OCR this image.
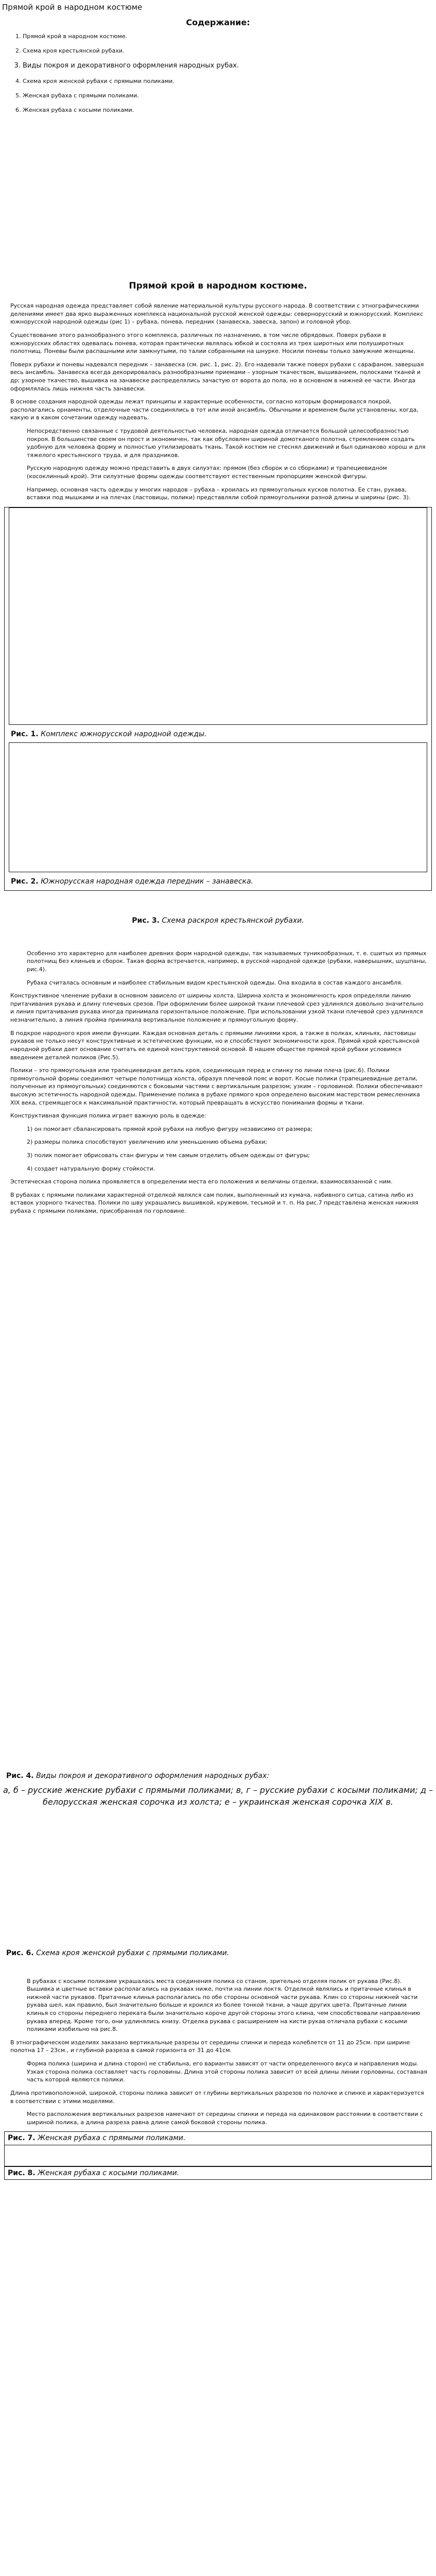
Прямой крой в народном костюме
Содержание:
1. Прямой крой в народном костюме.
2. Схема кроя крестьянской рубахи.
3. Виды покроя и декоративного оформления народных рубах.
4. Схема кроя женской рубахи с прямыми поликами.
5. Женская рубаха с прямыми поликами.
6. Женская рубаха с косыми поликами.
Прямой крой в народном костюме.
Русская народная одежда представляет собой явление материальной культуры русского народа. В соответствии с этнографическими делениями имеет два ярко выраженных комплекса национальной русской женской одежды: севернорусский и южнорусский. Комплекс южнорусской народной одежды (рис 1) – рубаха, понева, передник (занавеска, завеска, запон) и головной убор.
Существование этого разнообразного этого комплекса, различных по назначению, в том числе обрядовых. Поверх рубахи в южнорусских областях одевалась понева, которая практически являлась юбкой и состояла из трех широтных или полуширотных полотнищ. Поневы были распашными или замкнутыми, по талии собранными на шнурке. Носили поневы только замужние женщины.
Поверх рубахи и поневы надевался передник – занавеска (см. рис. 1, рис. 2). Его надевали также поверх рубахи с сарафаном, завершая весь ансамбль. Занавеска всегда декорировалась разнообразными приемами – узорным ткачеством, вышиванием, полосками тканей и др; узорное ткачество, вышивка на занавеске распределялись зачастую от ворота до пола, но в основном в нижней ее части. Иногда оформлялась лишь нижняя часть занавески.
В основе создания народной одежды лежат принципы и характерные особенности, согласно которым формировался покрой, располагались орнаменты, отделочные части соединялись в тот или иной ансамбль. Обычными и временем были установлены, когда, какую и в каком сочетании одежду надевать.
Непосредственно связанные с трудовой деятельностью человека, народная одежда отличается большой целесообразностью покроя. В большинстве своем он прост и экономичен, так как обусловлен шириной домотканого полотна, стремлением создать удобную для человека форму и полностью утилизировать ткань. Такой костюм не стеснял движений и был одинаково хорош и для тяжелого крестьянского труда, и для праздников.
Русскую народную одежду можно представить в двух силуэтах: прямом (без сборок и со сборками) и трапециевидном (косоклинный крой). Эти силуэтные формы одежды соответствуют естественным пропорциям женской фигуры.
Например, основная часть одежды у многих народов – рубаха – кроилась из прямоугольных кусков полотна. Ее стан, рукава, вставки под мышками и на плечах (ластовицы, полики) представляли собой прямоугольники разной длины и ширины (рис. 3).
Рис. 1. Комплекс южнорусской народной одежды.
Рис. 2. Южнорусская народная одежда передник – занавеска.
Рис. 3. Схема раскроя крестьянской рубахи.
Особенно это характерно для наиболее древних форм народной одежды, так называемых туникообразных, т. е. сшитых из прямых полотнищ без клиньев и сборок. Такая форма встречается, например, в русской народной одежде (рубахи, наверышник, шушпаны, рис.4).
Рубаха считалась основным и наиболее стабильным видом крестьянской одежды. Она входила в состав каждого ансамбля.
Конструктивное членение рубахи в основном зависело от ширины холста. Ширина холста и экономичность кроя определяли линию притачивания рукава и длину плечевых срезов. При оформлении более широкой ткани плечевой срез удлинялся довольно значительно и линия притачивания рукава иногда принимала горизонтальное положение. При использовании узкой ткани плечевой срез удлинялся незначительно, а линия пройма принимала вертикальное положение и прямоугольную форму.
В подкрое народного кроя имели функции. Каждая основная деталь с прямыми линиями кроя, а также в полках, клиньях, ластовицы рукавов не только несут конструктивные и эстетические функции, но и способствуют экономичности кроя. Прямой крой крестьянской народной рубахи дает основание считать ее единой конструктивной основой. В нашем обществе прямой крой рубахи условимся введением деталей поликов (Рис.5).
Полики – это прямоугольная или трапециевидная деталь кроя, соединяющая перед и спинку по линии плеча (рис.6). Полики прямоугольной формы соединяют четыре полотнища холста, образуя плечевой пояс и ворот. Косые полики (трапециевидные детали, полученные из прямоугольных) соединяются с боковыми частями с вертикальным разрезом; узким – горловиной. Полики обеспечивают высокую эстетичность народной одежды. Применение полика в рубахе прямого кроя определено высоким мастерством ремесленника XIX века, стремящегося к максимальной практичности, который превращать в искусство понимания формы и ткани.
Конструктивная функция полика играет важную роль в одежде:
1) он помогает сбалансировать прямой крой рубахи на любую фигуру независимо от размера;
2) размеры полика способствуют увеличению или уменьшению объема рубахи;
3) полик помогает обрисовать стан фигуры и тем самым отделить объем одежды от фигуры;
4) создает натуральную форму стойкости.
Эстетическая сторона полика проявляется в определении места его положения и величины отделки, взаимосвязанной с ним.
В рубахах с прямыми поликами характерной отделкой являлся сам полик, выполненный из кумача, набивного ситца, сатина либо из вставок узорного ткачества. Полики по шву украшались вышивкой, кружевом, тесьмой и т. п. На рис.7 представлена женская нижняя рубаха с прямыми поликами, присобранная по горловине.
Рис. 4. Виды покроя и декоративного оформления народных рубах:
а, б – русские женские рубахи с прямыми поликами; в, г – русские рубахи с косыми поликами; д – белорусская женская сорочка из холста; е – украинская женская сорочка XIX в.
Рис. 6. Схема кроя женской рубахи с прямыми поликами.
В рубахах с косыми поликами украшалась места соединения полика со станом, зрительно отделяя полик от рукава (Рис.8). Вышивка и цветные вставки располагались на рукавах ниже, почти на линии локтя. Отделкой являлись и притачные клинья в нижней части рукавов. Притачные клинья располагались по обе стороны основной части рукава. Клин со стороны нижней части рукава шел, как правило, был значительно больше и кроился из более тонкой ткани, а чаще других цвета. Притачные линии клинья со стороны переднего переката были значительно короче другой стороны этого клина, чем способствовали направлению рукава вперед. Кроме того, они удлинялись книзу. Отделка рукава с расширением на кисти рукав отличала рубахи с косыми поликами изобильно на рис.8.
В этнографическом изделиях заказано вертикальные разрезы от середины спинки и переда колеблется от 11 до 25см. при ширине полотна 17 – 23см., и глубиной разреза в самой горизонта от 31 до 41см.
Форма полика (ширина и длина сторон) не стабильна, его варианты зависят от части определенного вкуса и направления моды. Узкая сторона полика составляет часть горловины. Длина этой стороны полика зависит от всей длины линии горловины, составная часть которой являются полики.
Длина противоположной, широкой, стороны полика зависит от глубины вертикальных разрезов по полочке и спинке и характеризуется в соответствии с этими моделями.
Место расположения вертикальных разрезов намечают от середины спинки и переда на одинаковом расстоянии в соответствии с шириной полика, а длина разреза равна длине самой боковой стороны полика.
Рис. 7. Женская рубаха с прямыми поликами.
Рис. 8. Женская рубаха с косыми поликами.
